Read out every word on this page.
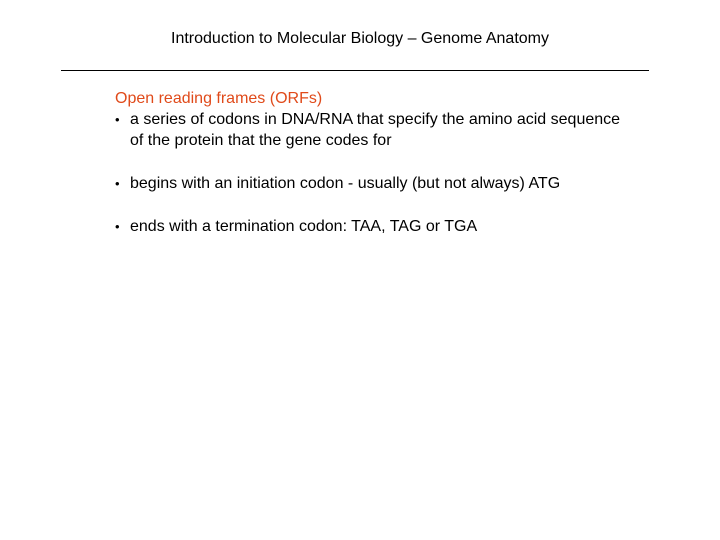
Introduction to Molecular Biology – Genome Anatomy

Open reading frames (ORFs)

• a series of codons in DNA/RNA that specify the amino acid sequence of the protein that the gene codes for

• begins with an initiation codon - usually (but not always) ATG

• ends with a termination codon: TAA, TAG or TGA
